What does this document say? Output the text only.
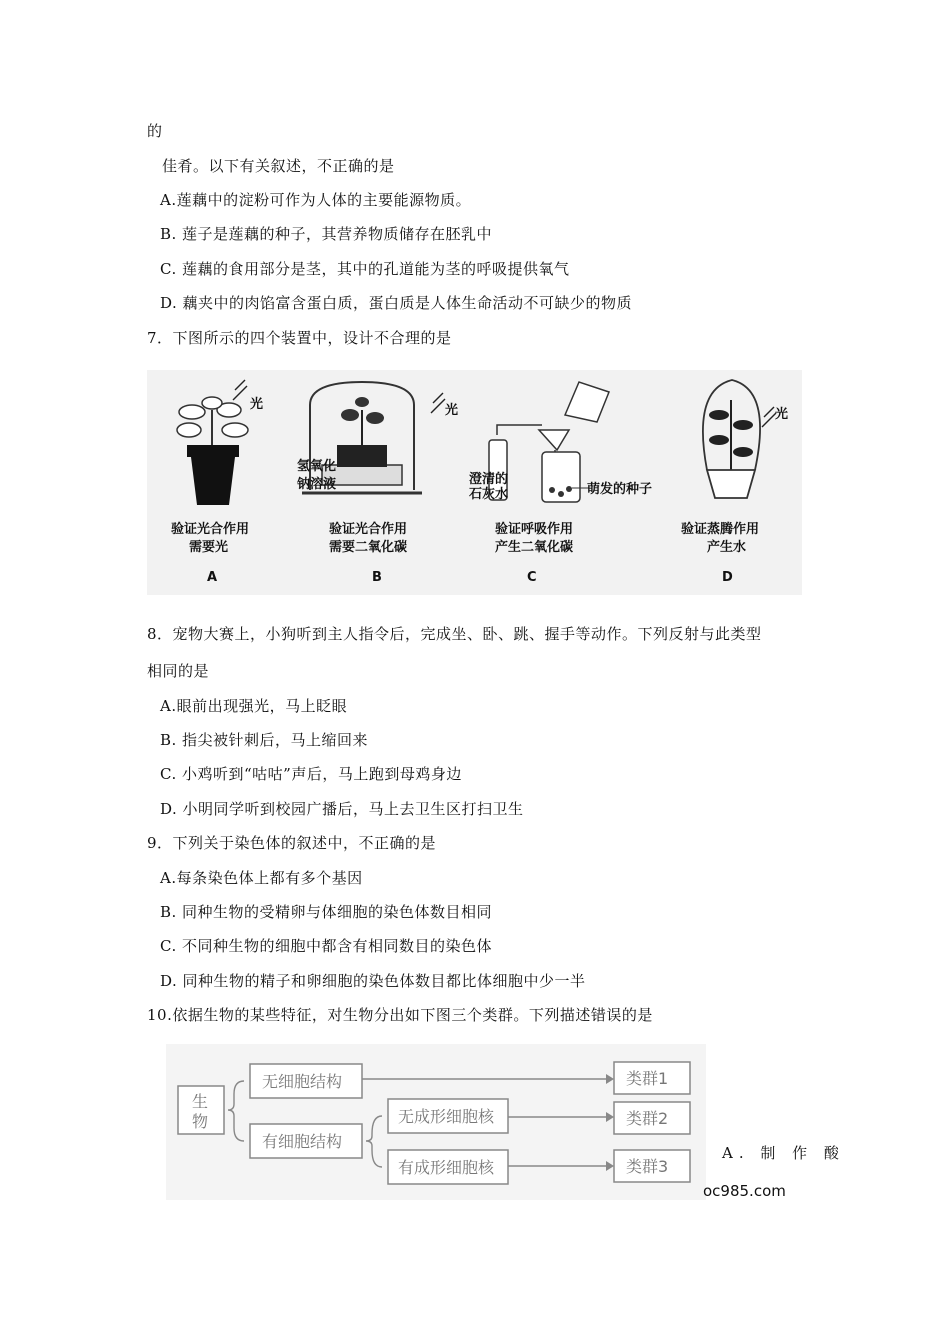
的
佳肴。以下有关叙述，不正确的是
A.莲藕中的淀粉可作为人体的主要能源物质。
B. 莲子是莲藕的种子，其营养物质储存在胚乳中
C. 莲藕的食用部分是茎，其中的孔道能为茎的呼吸提供氧气
D. 藕夹中的肉馅富含蛋白质，蛋白质是人体生命活动不可缺少的物质
7．下图所示的四个装置中，设计不合理的是
光
验证光合作用
需要光
A
光
氢氧化
钠溶液
验证光合作用
需要二氧化碳
B
澄清的
石灰水	萌发的种子
验证呼吸作用
产生二氧化碳
C
光
验证蒸腾作用
产生水
D
8．宠物大赛上，小狗听到主人指令后，完成坐、卧、跳、握手等动作。下列反射与此类型
相同的是
A.眼前出现强光，马上眨眼
B. 指尖被针刺后，马上缩回来
C. 小鸡听到“咕咕”声后，马上跑到母鸡身边
D. 小明同学听到校园广播后，马上去卫生区打扫卫生
9．下列关于染色体的叙述中，不正确的是
A.每条染色体上都有多个基因
B. 同种生物的受精卵与体细胞的染色体数目相同
C. 不同种生物的细胞中都含有相同数目的染色体
D. 同种生物的精子和卵细胞的染色体数目都比体细胞中少一半
10.依据生物的某些特征，对生物分出如下图三个类群。下列描述错误的是
生
物
无细胞结构
有细胞结构
无成形细胞核
有成形细胞核
类群1
类群2
类群3
A. 制 作 酸
oc985.com
